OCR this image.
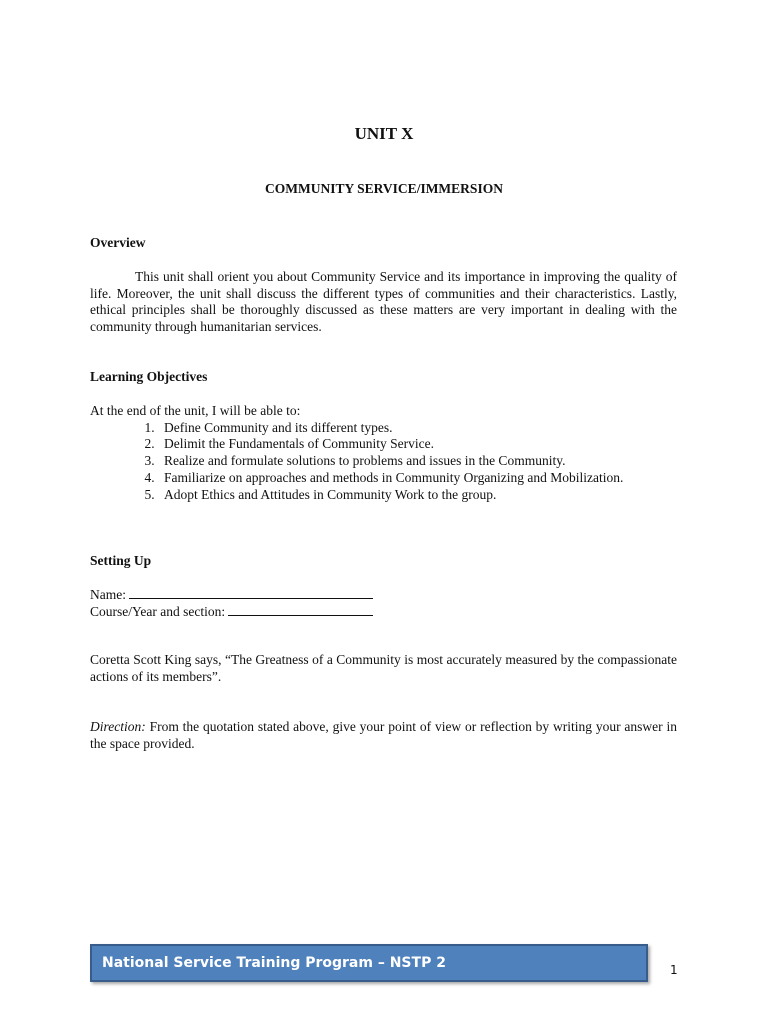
UNIT X
COMMUNITY SERVICE/IMMERSION
Overview
This unit shall orient you about Community Service and its importance in improving the quality of life. Moreover, the unit shall discuss the different types of communities and their characteristics. Lastly, ethical principles shall be thoroughly discussed as these matters are very important in dealing with the community through humanitarian services.
Learning Objectives
At the end of the unit, I will be able to:
1. Define Community and its different types.
2. Delimit the Fundamentals of Community Service.
3. Realize and formulate solutions to problems and issues in the Community.
4. Familiarize on approaches and methods in Community Organizing and Mobilization.
5. Adopt Ethics and Attitudes in Community Work to the group.
Setting Up
Name:
Course/Year and section:
Coretta Scott King says, “The Greatness of a Community is most accurately measured by the compassionate actions of its members”.
Direction: From the quotation stated above, give your point of view or reflection by writing your answer in the space provided.
National Service Training Program – NSTP 2	1
